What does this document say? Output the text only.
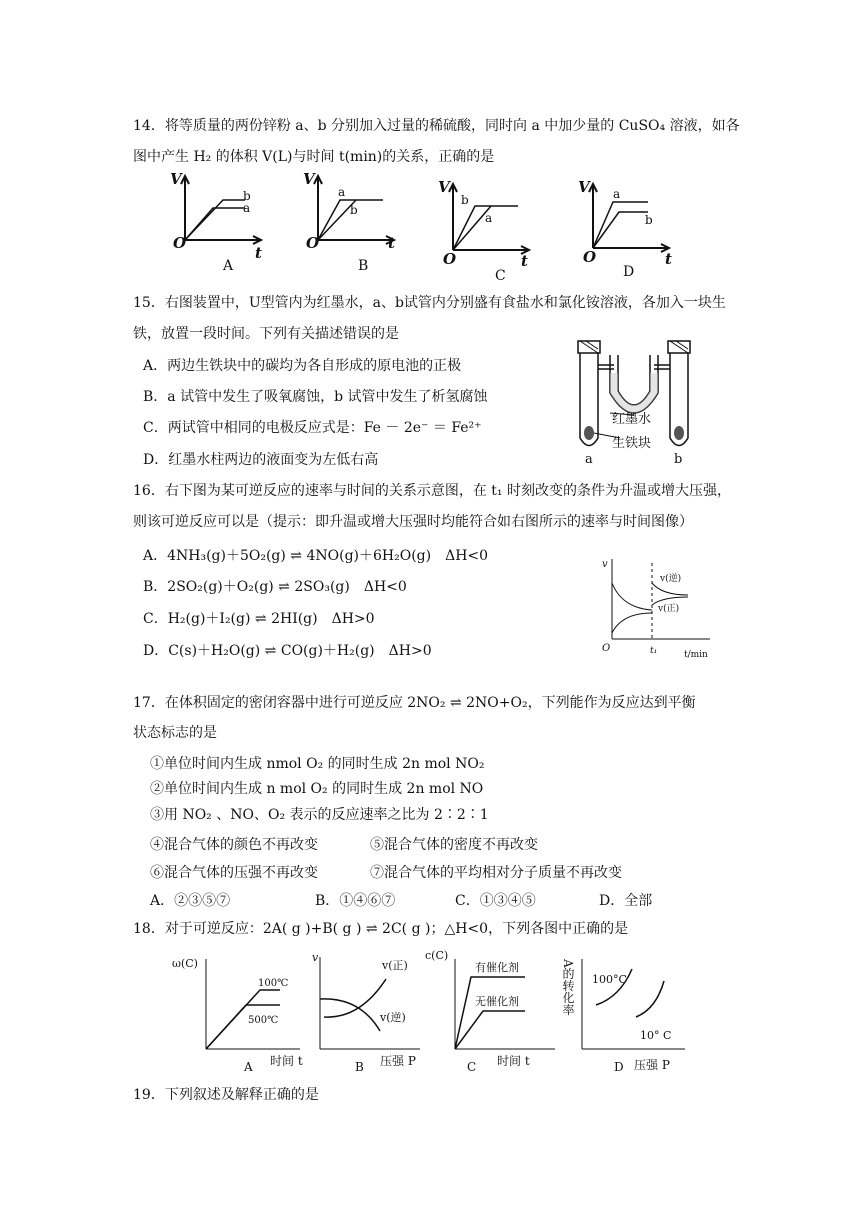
14．将等质量的两份锌粉 a、b 分别加入过量的稀硫酸，同时向 a 中加少量的 CuSO₄ 溶液，如各
图中产生 H₂ 的体积 V(L)与时间 t(min)的关系，正确的是
V
t
O
b
a
A
V
t
O
a
b
B
V
t
O
b
a
C
V
t
O
a
b
D
15．右图装置中，U型管内为红墨水，a、b试管内分别盛有食盐水和氯化铵溶液，各加入一块生
铁，放置一段时间。下列有关描述错误的是
A．两边生铁块中的碳均为各自形成的原电池的正极
B．a 试管中发生了吸氧腐蚀，b 试管中发生了析氢腐蚀
C．两试管中相同的电极反应式是：Fe － 2e⁻ ＝ Fe²⁺
D．红墨水柱两边的液面变为左低右高
红墨水
生铁块
a	b
16．右下图为某可逆反应的速率与时间的关系示意图，在 t₁ 时刻改变的条件为升温或增大压强，
则该可逆反应可以是（提示：即升温或增大压强时均能符合如右图所示的速率与时间图像）
A．4NH₃(g)＋5O₂(g) ⇌ 4NO(g)＋6H₂O(g)　ΔH<0
B．2SO₂(g)＋O₂(g) ⇌ 2SO₃(g)　ΔH<0
C．H₂(g)＋I₂(g) ⇌ 2HI(g)　ΔH>0
D．C(s)＋H₂O(g) ⇌ CO(g)＋H₂(g)　ΔH>0
v
O	t₁	t/min
v(逆)
v(正)
17．在体积固定的密闭容器中进行可逆反应 2NO₂ ⇌ 2NO+O₂，下列能作为反应达到平衡
状态标志的是
①单位时间内生成 nmol O₂ 的同时生成 2n mol NO₂
②单位时间内生成 n mol O₂ 的同时生成 2n mol NO
③用 NO₂ 、NO、O₂ 表示的反应速率之比为 2∶2∶1
④混合气体的颜色不再改变	⑤混合气体的密度不再改变
⑥混合气体的压强不再改变	⑦混合气体的平均相对分子质量不再改变
A．②③⑤⑦	B．①④⑥⑦	C．①③④⑤	D．全部
18．对于可逆反应：2A( g )+B( g ) ⇌ 2C( g )；△H<0，下列各图中正确的是
ω(C)
100℃
500℃
时间 t
A
v
v(正)
v(逆)
压强 P
B
c(C)
有催化剂
无催化剂
时间 t
C
A的转化率 100°C
10° C
压强 P
D
19．下列叙述及解释正确的是
